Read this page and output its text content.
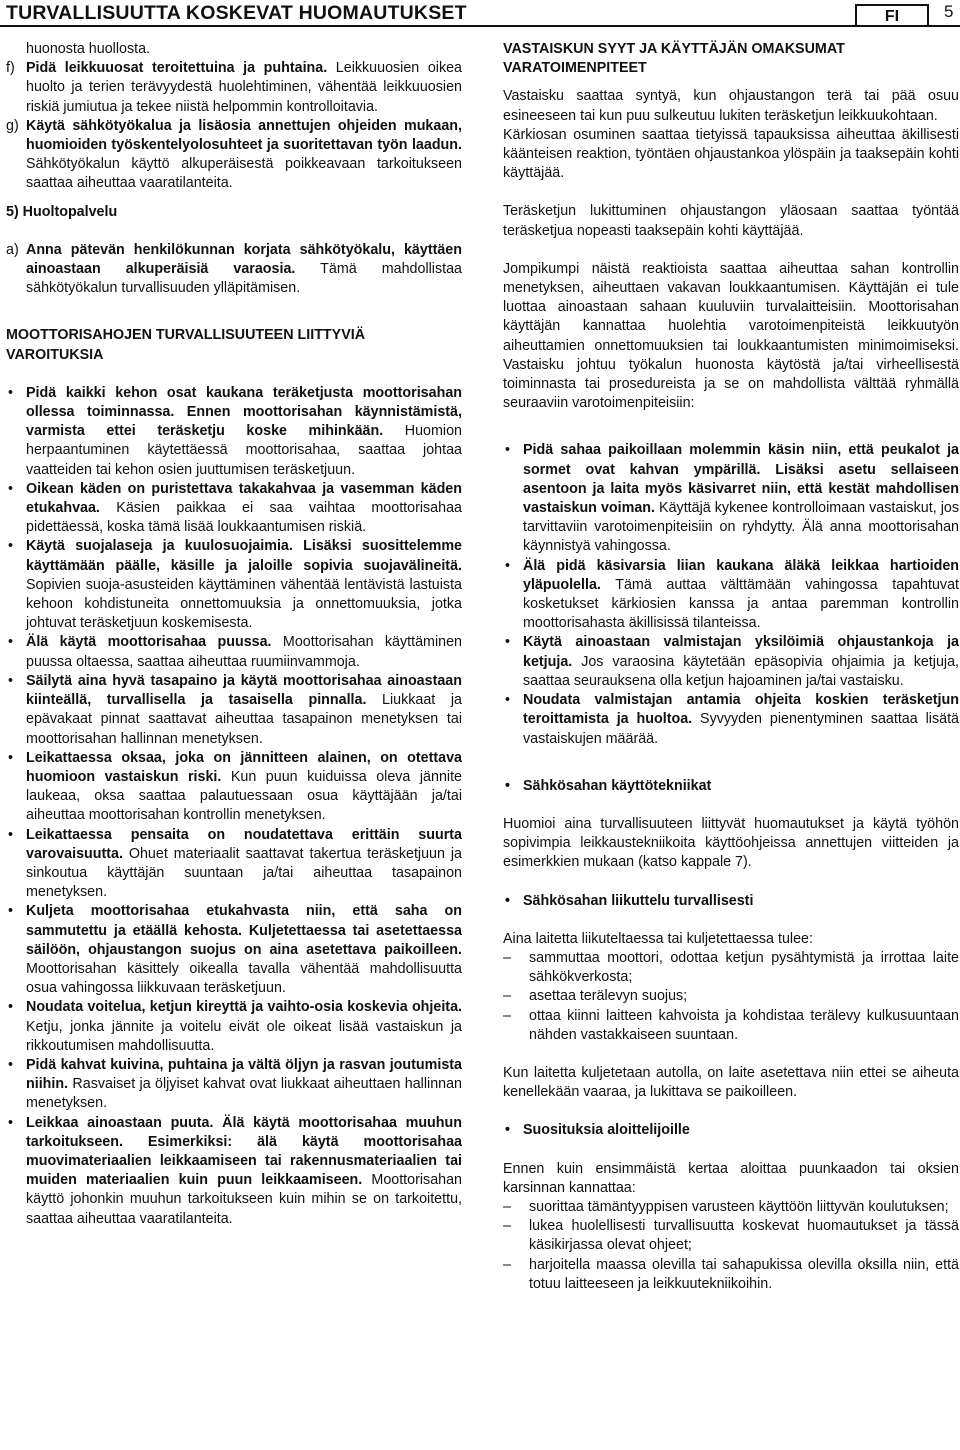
TURVALLISUUTTA KOSKEVAT HUOMAUTUKSET	FI	5

huonosta huollosta.

f) Pidä leikkuuosat teroitettuina ja puhtaina. Leikkuuosien oikea huolto ja terien terävyydestä huolehtiminen, vähentää leikkuuosien riskiä jumiutua ja tekee niistä helpommin kontrolloitavia.
g) Käytä sähkötyökalua ja lisäosia annettujen ohjeiden mukaan, huomioiden työskentelyolosuhteet ja suoritettavan työn laadun. Sähkötyökalun käyttö alkuperäisestä poikkeavaan tarkoitukseen saattaa aiheuttaa vaaratilanteita.

5) Huoltopalvelu

a) Anna pätevän henkilökunnan korjata sähkötyökalu, käyttäen ainoastaan alkuperäisiä varaosia. Tämä mahdollistaa sähkötyökalun turvallisuuden ylläpitämisen.

MOOTTORISAHOJEN TURVALLISUUTEEN LIITTYVIÄ VAROITUKSIA

• Pidä kaikki kehon osat kaukana teräketjusta moottorisahan ollessa toiminnassa. Ennen moottorisahan käynnistämistä, varmista ettei teräsketju koske mihinkään. Huomion herpaantuminen käytettäessä moottorisahaa, saattaa johtaa vaatteiden tai kehon osien juuttumisen teräsketjuun.
• Oikean käden on puristettava takakahvaa ja vasemman käden etukahvaa. Käsien paikkaa ei saa vaihtaa moottorisahaa pidettäessä, koska tämä lisää loukkaantumisen riskiä.
• Käytä suojalaseja ja kuulosuojaimia. Lisäksi suosittelemme käyttämään päälle, käsille ja jaloille sopivia suojavälineitä. Sopivien suoja-asusteiden käyttäminen vähentää lentävistä lastuista kehoon kohdistuneita onnettomuuksia ja onnettomuuksia, jotka johtuvat teräsketjuun koskemisesta.
• Älä käytä moottorisahaa puussa. Moottorisahan käyttäminen puussa oltaessa, saattaa aiheuttaa ruumiinvammoja.
• Säilytä aina hyvä tasapaino ja käytä moottorisahaa ainoastaan kiinteällä, turvallisella ja tasaisella pinnalla. Liukkaat ja epävakaat pinnat saattavat aiheuttaa tasapainon menetyksen tai moottorisahan hallinnan menetyksen.
• Leikattaessa oksaa, joka on jännitteen alainen, on otettava huomioon vastaiskun riski. Kun puun kuiduissa oleva jännite laukeaa, oksa saattaa palautuessaan osua käyttäjään ja/tai aiheuttaa moottorisahan kontrollin menetyksen.
• Leikattaessa pensaita on noudatettava erittäin suurta varovaisuutta. Ohuet materiaalit saattavat takertua teräsketjuun ja sinkoutua käyttäjän suuntaan ja/tai aiheuttaa tasapainon menetyksen.
• Kuljeta moottorisahaa etukahvasta niin, että saha on sammutettu ja etäällä kehosta. Kuljetettaessa tai asetettaessa säilöön, ohjaustangon suojus on aina asetettava paikoilleen. Moottorisahan käsittely oikealla tavalla vähentää mahdollisuutta osua vahingossa liikkuvaan teräsketjuun.
• Noudata voitelua, ketjun kireyttä ja vaihto-osia koskevia ohjeita. Ketju, jonka jännite ja voitelu eivät ole oikeat lisää vastaiskun ja rikkoutumisen mahdollisuutta.
• Pidä kahvat kuivina, puhtaina ja vältä öljyn ja rasvan joutumista niihin. Rasvaiset ja öljyiset kahvat ovat liukkaat aiheuttaen hallinnan menetyksen.
• Leikkaa ainoastaan puuta. Älä käytä moottorisahaa muuhun tarkoitukseen. Esimerkiksi: älä käytä moottorisahaa muovimateriaalien leikkaamiseen tai rakennusmateriaalien tai muiden materiaalien kuin puun leikkaamiseen. Moottorisahan käyttö johonkin muuhun tarkoitukseen kuin mihin se on tarkoitettu, saattaa aiheuttaa vaaratilanteita.

VASTAISKUN SYYT JA KÄYTTÄJÄN OMAKSUMAT VARATOIMENPITEET

Vastaisku saattaa syntyä, kun ohjaustangon terä tai pää osuu esineeseen tai kun puu sulkeutuu lukiten teräsketjun leikkuukohtaan.

Kärkiosan osuminen saattaa tietyissä tapauksissa aiheuttaa äkillisesti käänteisen reaktion, työntäen ohjaustankoa ylöspäin ja taaksepäin kohti käyttäjää.

Teräsketjun lukittuminen ohjaustangon yläosaan saattaa työntää teräsketjua nopeasti taaksepäin kohti käyttäjää.

Jompikumpi näistä reaktioista saattaa aiheuttaa sahan kontrollin menetyksen, aiheuttaen vakavan loukkaantumisen. Käyttäjän ei tule luottaa ainoastaan sahaan kuuluviin turvalaitteisiin. Moottorisahan käyttäjän kannattaa huolehtia varotoimenpiteistä leikkuutyön aiheuttamien onnettomuuksien tai loukkaantumisten minimoimiseksi. Vastaisku johtuu työkalun huonosta käytöstä ja/tai virheellisestä toiminnasta tai prosedureista ja se on mahdollista välttää ryhmällä seuraaviin varotoimenpiteisiin:

• Pidä sahaa paikoillaan molemmin käsin niin, että peukalot ja sormet ovat kahvan ympärillä. Lisäksi asetu sellaiseen asentoon ja laita myös käsivarret niin, että kestät mahdollisen vastaiskun voiman. Käyttäjä kykenee kontrolloimaan vastaiskut, jos tarvittaviin varotoimenpiteisiin on ryhdytty. Älä anna moottorisahan käynnistyä vahingossa.
• Älä pidä käsivarsia liian kaukana äläkä leikkaa hartioiden yläpuolella. Tämä auttaa välttämään vahingossa tapahtuvat kosketukset kärkiosien kanssa ja antaa paremman kontrollin moottorisahasta äkillisissä tilanteissa.
• Käytä ainoastaan valmistajan yksilöimiä ohjaustankoja ja ketjuja. Jos varaosina käytetään epäsopivia ohjaimia ja ketjuja, saattaa seurauksena olla ketjun hajoaminen ja/tai vastaisku.
• Noudata valmistajan antamia ohjeita koskien teräsketjun teroittamista ja huoltoa. Syvyyden pienentyminen saattaa lisätä vastaiskujen määrää.
• Sähkösahan käyttötekniikat

Huomioi aina turvallisuuteen liittyvät huomautukset ja käytä työhön sopivimpia leikkaustekniikoita käyttöohjeissa annettujen viitteiden ja esimerkkien mukaan (katso kappale 7).

• Sähkösahan liikuttelu turvallisesti

Aina laitetta liikuteltaessa tai kuljetettaessa tulee:

– sammuttaa moottori, odottaa ketjun pysähtymistä ja irrottaa laite sähkökverkosta;
– asettaa terälevyn suojus;
– ottaa kiinni laitteen kahvoista ja kohdistaa terälevy kulkusuuntaan nähden vastakkaiseen suuntaan.

Kun laitetta kuljetetaan autolla, on laite asetettava niin ettei se aiheuta kenellekään vaaraa, ja lukittava se paikoilleen.

• Suosituksia aloittelijoille

Ennen kuin ensimmäistä kertaa aloittaa puunkaadon tai oksien karsinnan kannattaa:

– suorittaa tämäntyyppisen varusteen käyttöön liittyvän koulutuksen;
– lukea huolellisesti turvallisuutta koskevat huomautukset ja tässä käsikirjassa olevat ohjeet;
– harjoitella maassa olevilla tai sahapukissa olevilla oksilla niin, että totuu laitteeseen ja leikkuutekniikoihin.
